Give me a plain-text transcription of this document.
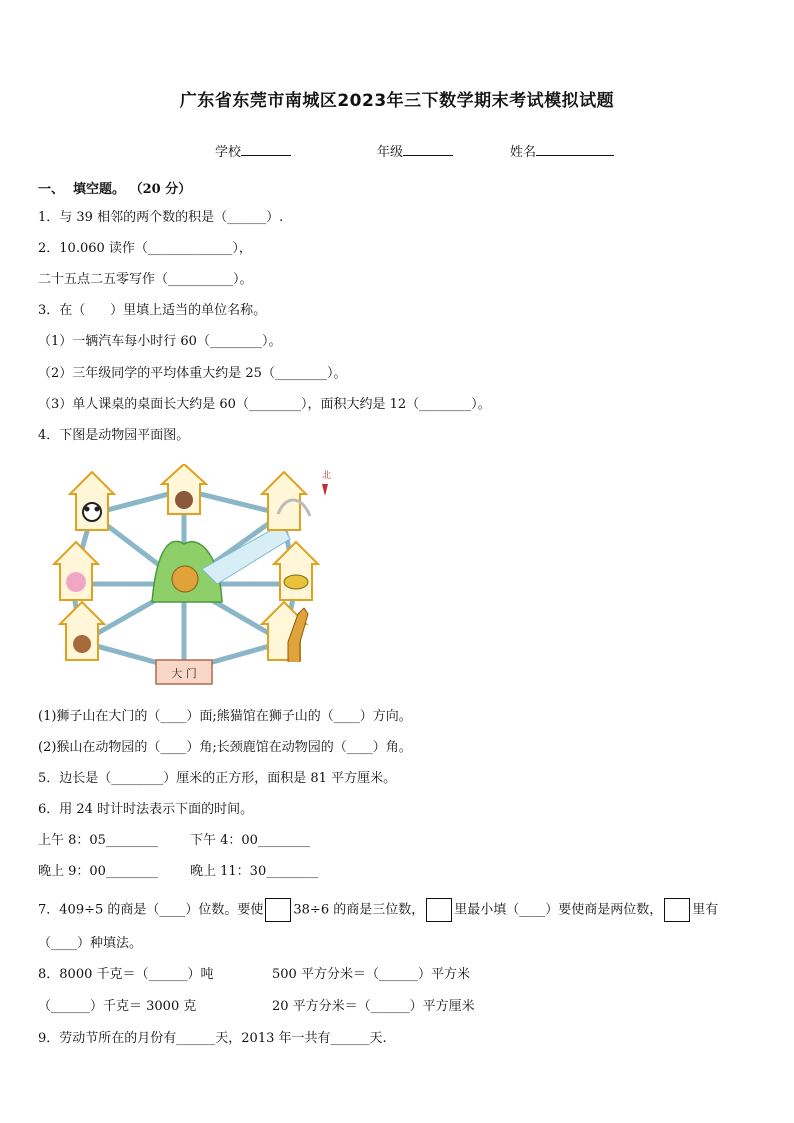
广东省东莞市南城区2023年三下数学期末考试模拟试题
学校	年级	姓名
一、  填空题。 （20 分）
1．与 39 相邻的两个数的积是（______）.
2．10.060 读作（_____________），
二十五点二五零写作（__________）。
3．在（      ）里填上适当的单位名称。
（1）一辆汽车每小时行 60（________）。
（2）三年级同学的平均体重大约是 25（________）。
（3）单人课桌的桌面长大约是 60（________），面积大约是 12（________）。
4．下图是动物园平面图。
大 门
北
(1)狮子山在大门的（____）面;熊猫馆在狮子山的（____）方向。
(2)猴山在动物园的（____）角;长颈鹿馆在动物园的（____）角。
5．边长是（________）厘米的正方形，面积是 81 平方厘米。
6．用 24 时计时法表示下面的时间。
上午 8：05________ 下午 4：00________
晚上 9：00________ 晚上 11：30________
7．409÷5 的商是（____）位数。要使 38÷6 的商是三位数， 里最小填（____）要使商是两位数， 里有
（____）种填法。
8．8000 千克＝（______）吨	500 平方分米＝（______）平方米
（______）千克＝ 3000 克	20 平方分米＝（______）平方厘米
9．劳动节所在的月份有______天，2013 年一共有______天.
